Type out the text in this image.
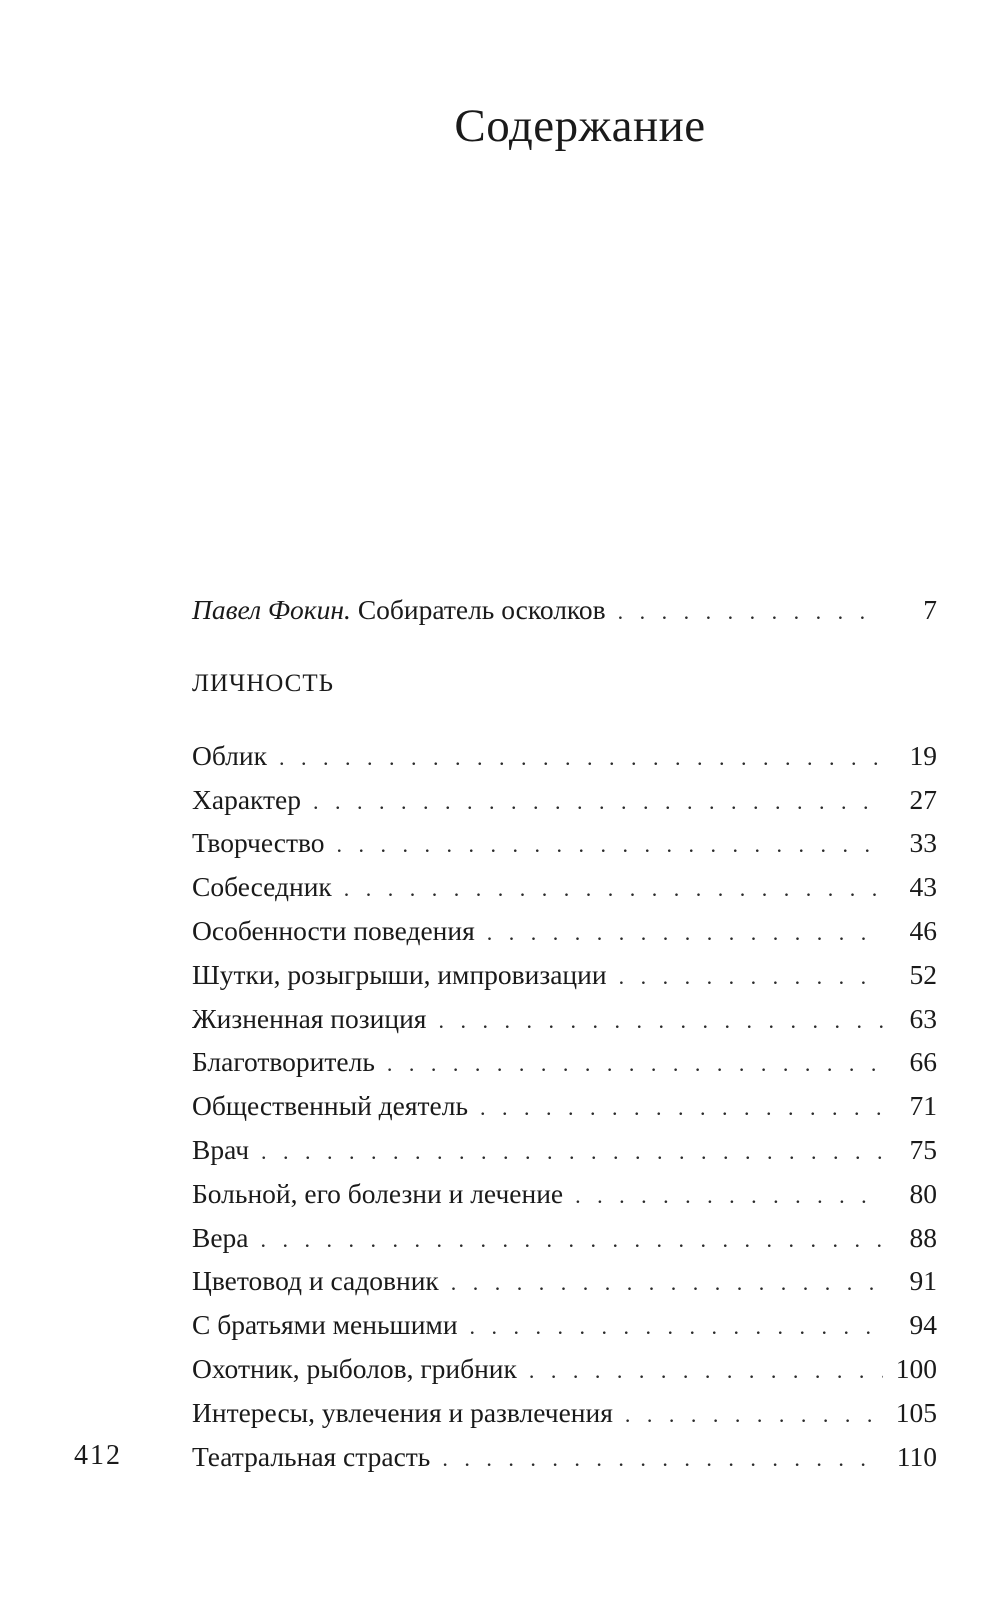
Содержание
Павел Фокин. Собиратель осколков . . .	7
ЛИЧНОСТЬ
Облик . . .	19
Характер . . .	27
Творчество . . .	33
Собеседник . . .	43
Особенности поведения . . .	46
Шутки, розыгрыши, импровизации . . .	52
Жизненная позиция . . .	63
Благотворитель . . .	66
Общественный деятель . . .	71
Врач . . .	75
Больной, его болезни и лечение . . .	80
Вера . . .	88
Цветовод и садовник . . .	91
С братьями меньшими . . .	94
Охотник, рыболов, грибник . . .	100
Интересы, увлечения и развлечения . . .	105
Театральная страсть . . .	110
412
